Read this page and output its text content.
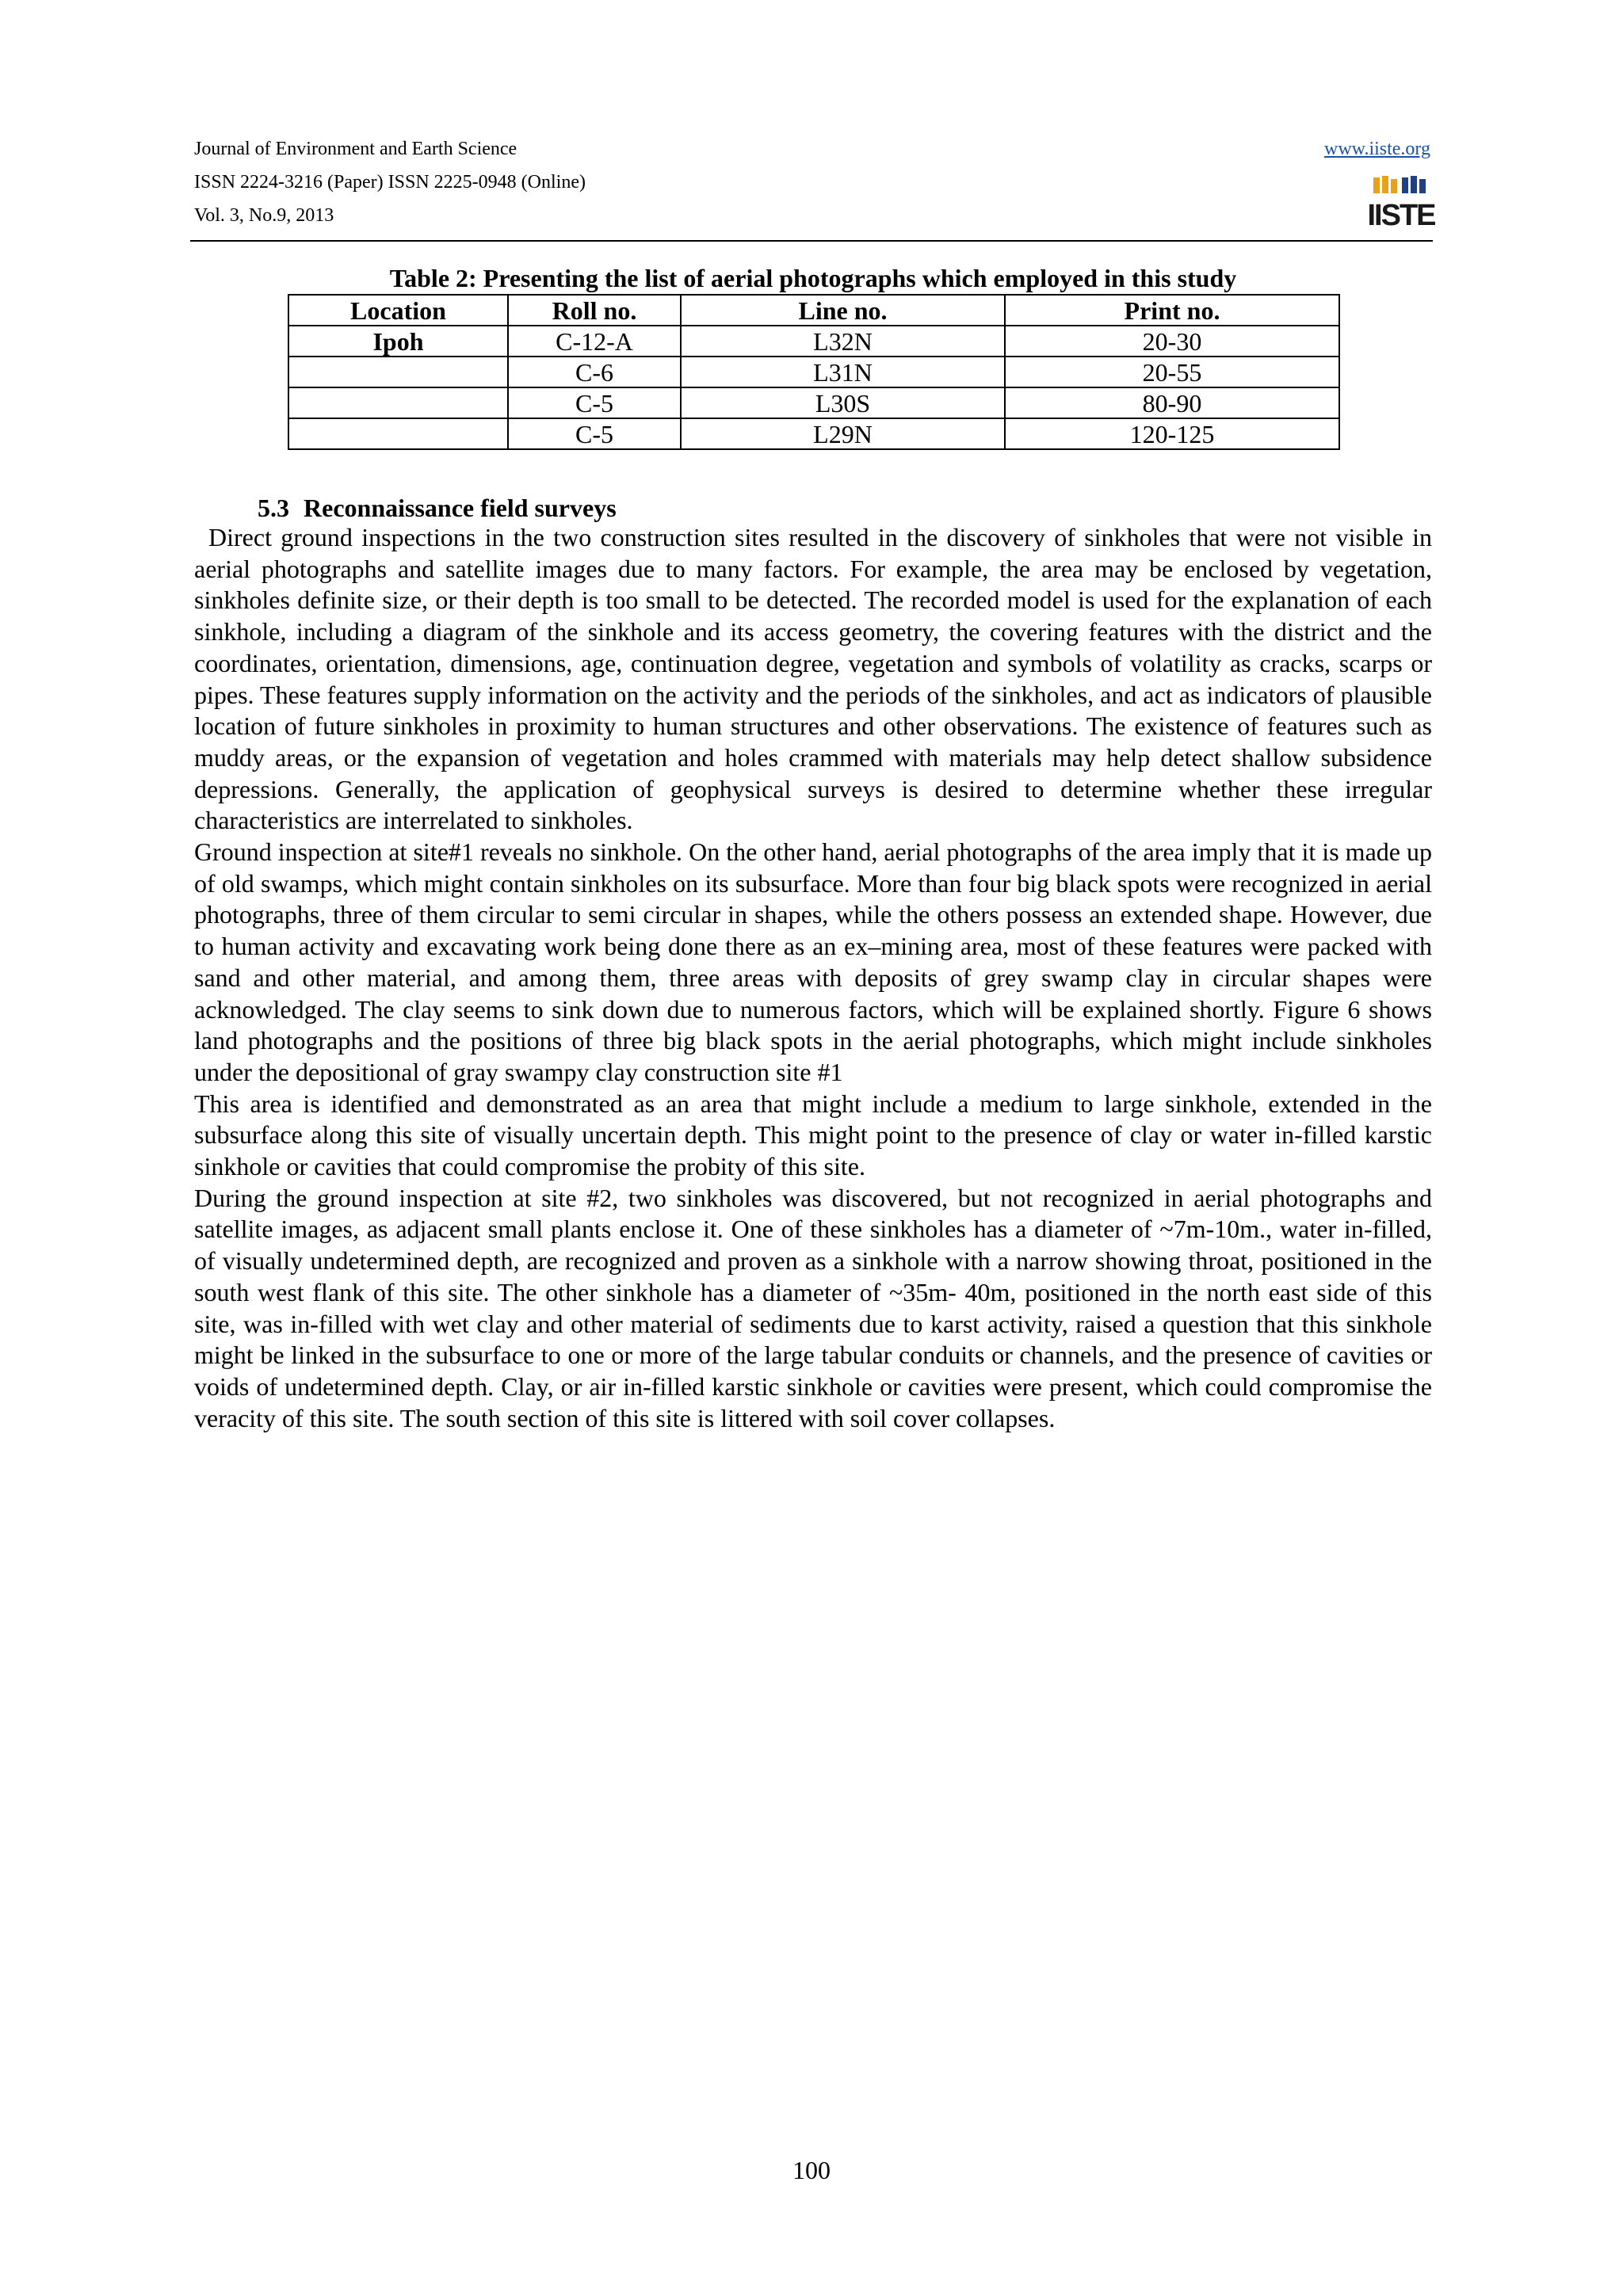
Journal of Environment and Earth Science
ISSN 2224-3216 (Paper) ISSN 2225-0948 (Online)
Vol. 3, No.9, 2013
www.iiste.org
IISTE
Table 2: Presenting the list of aerial photographs which employed in this study
Location	Roll no.	Line no.	Print no.
Ipoh	C-12-A	L32N	20-30
	C-6	L31N	20-55
	C-5	L30S	80-90
	C-5	L29N	120-125
5.3 Reconnaissance field surveys

Direct ground inspections in the two construction sites resulted in the discovery of sinkholes that were not visible in aerial photographs and satellite images due to many factors. For example, the area may be enclosed by vegetation, sinkholes definite size, or their depth is too small to be detected. The recorded model is used for the explanation of each sinkhole, including a diagram of the sinkhole and its access geometry, the covering features with the district and the coordinates, orientation, dimensions, age, continuation degree, vegetation and symbols of volatility as cracks, scarps or pipes. These features supply information on the activity and the periods of the sinkholes, and act as indicators of plausible location of future sinkholes in proximity to human structures and other observations. The existence of features such as muddy areas, or the expansion of vegetation and holes crammed with materials may help detect shallow subsidence depressions. Generally, the application of geophysical surveys is desired to determine whether these irregular characteristics are interrelated to sinkholes.

Ground inspection at site#1 reveals no sinkhole. On the other hand, aerial photographs of the area imply that it is made up of old swamps, which might contain sinkholes on its subsurface. More than four big black spots were recognized in aerial photographs, three of them circular to semi circular in shapes, while the others possess an extended shape. However, due to human activity and excavating work being done there as an ex–mining area, most of these features were packed with sand and other material, and among them, three areas with deposits of grey swamp clay in circular shapes were acknowledged. The clay seems to sink down due to numerous factors, which will be explained shortly. Figure 6 shows land photographs and the positions of three big black spots in the aerial photographs, which might include sinkholes under the depositional of gray swampy clay construction site #1

This area is identified and demonstrated as an area that might include a medium to large sinkhole, extended in the subsurface along this site of visually uncertain depth. This might point to the presence of clay or water in-filled karstic sinkhole or cavities that could compromise the probity of this site.

During the ground inspection at site #2, two sinkholes was discovered, but not recognized in aerial photographs and satellite images, as adjacent small plants enclose it. One of these sinkholes has a diameter of ~7m-10m., water in-filled, of visually undetermined depth, are recognized and proven as a sinkhole with a narrow showing throat, positioned in the south west flank of this site. The other sinkhole has a diameter of ~35m- 40m, positioned in the north east side of this site, was in-filled with wet clay and other material of sediments due to karst activity, raised a question that this sinkhole might be linked in the subsurface to one or more of the large tabular conduits or channels, and the presence of cavities or voids of undetermined depth. Clay, or air in-filled karstic sinkhole or cavities were present, which could compromise the veracity of this site. The south section of this site is littered with soil cover collapses.

100
